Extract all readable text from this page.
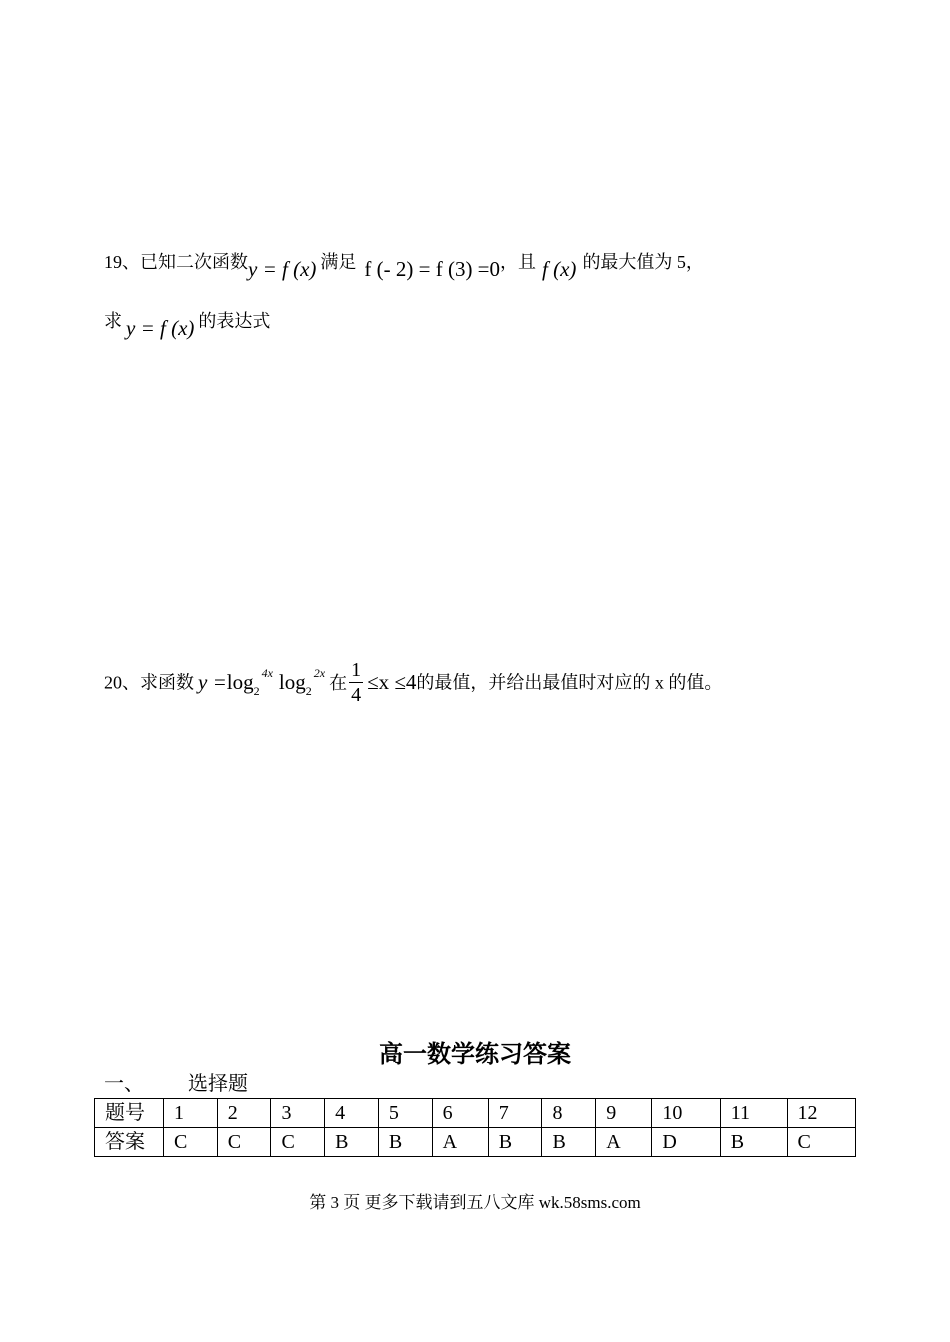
19、已知二次函数y = f (x) 满足 f (- 2) = f (3) =0，且 f (x) 的最大值为 5，
求 y = f (x) 的表达式
20、求函数 $y =\log_2^{4x}$ $\log_2^{2x}$ 在 $\frac{1}{4} \le x \le 4$的最值，并给出最值时对应的 x 的值。
高一数学练习答案
一、 选择题
题号	1	2	3	4	5	6	7	8	9	10	11	12
答案	C	C	C	B	B	A	B	B	A	D	B	C
第 3 页 更多下载请到五八文库 wk.58sms.com
